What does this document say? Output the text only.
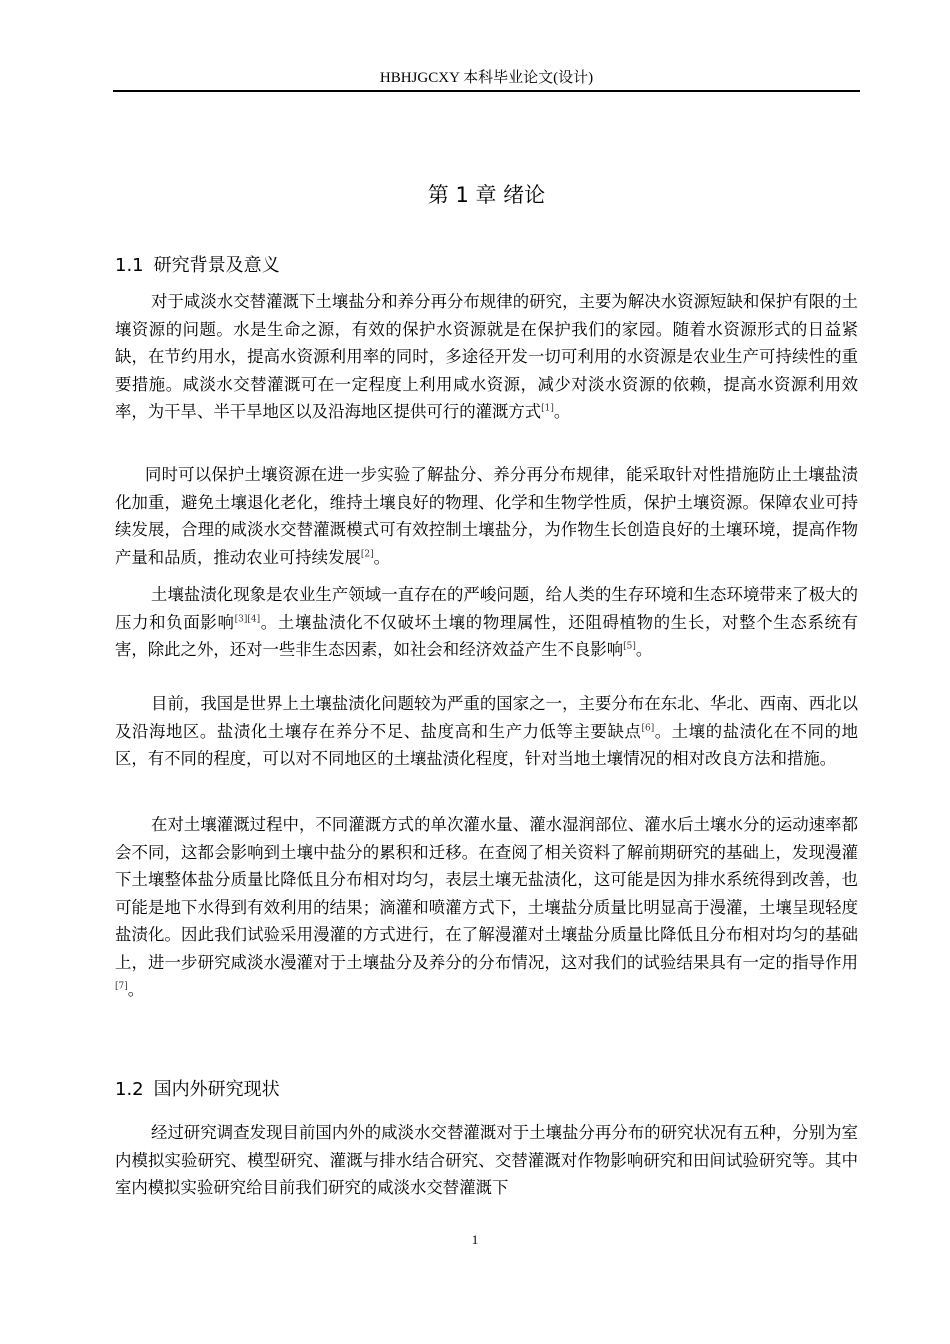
HBHJGCXY 本科毕业论文(设计)
第 1 章 绪论
1.1 研究背景及意义

对于咸淡水交替灌溉下土壤盐分和养分再分布规律的研究，主要为解决水资源短缺和保护有限的土壤资源的问题。水是生命之源，有效的保护水资源就是在保护我们的家园。随着水资源形式的日益紧缺，在节约用水，提高水资源利用率的同时，多途径开发一切可利用的水资源是农业生产可持续性的重要措施。咸淡水交替灌溉可在一定程度上利用咸水资源，减少对淡水资源的依赖，提高水资源利用效率，为干旱、半干旱地区以及沿海地区提供可行的灌溉方式[1]。

同时可以保护土壤资源在进一步实验了解盐分、养分再分布规律，能采取针对性措施防止土壤盐渍化加重，避免土壤退化老化，维持土壤良好的物理、化学和生物学性质，保护土壤资源。保障农业可持续发展，合理的咸淡水交替灌溉模式可有效控制土壤盐分，为作物生长创造良好的土壤环境，提高作物产量和品质，推动农业可持续发展[2]。

土壤盐渍化现象是农业生产领域一直存在的严峻问题，给人类的生存环境和生态环境带来了极大的压力和负面影响[3][4]。土壤盐渍化不仅破坏土壤的物理属性，还阻碍植物的生长，对整个生态系统有害，除此之外，还对一些非生态因素，如社会和经济效益产生不良影响[5]。

目前，我国是世界上土壤盐渍化问题较为严重的国家之一，主要分布在东北、华北、西南、西北以及沿海地区。盐渍化土壤存在养分不足、盐度高和生产力低等主要缺点[6]。土壤的盐渍化在不同的地区，有不同的程度，可以对不同地区的土壤盐渍化程度，针对当地土壤情况的相对改良方法和措施。

在对土壤灌溉过程中，不同灌溉方式的单次灌水量、灌水湿润部位、灌水后土壤水分的运动速率都会不同，这都会影响到土壤中盐分的累积和迁移。在查阅了相关资料了解前期研究的基础上，发现漫灌下土壤整体盐分质量比降低且分布相对均匀，表层土壤无盐渍化，这可能是因为排水系统得到改善，也可能是地下水得到有效利用的结果；滴灌和喷灌方式下，土壤盐分质量比明显高于漫灌，土壤呈现轻度盐渍化。因此我们试验采用漫灌的方式进行，在了解漫灌对土壤盐分质量比降低且分布相对均匀的基础上，进一步研究咸淡水漫灌对于土壤盐分及养分的分布情况，这对我们的试验结果具有一定的指导作用[7]。

1.2 国内外研究现状

经过研究调查发现目前国内外的咸淡水交替灌溉对于土壤盐分再分布的研究状况有五种，分别为室内模拟实验研究、模型研究、灌溉与排水结合研究、交替灌溉对作物影响研究和田间试验研究等。其中室内模拟实验研究给目前我们研究的咸淡水交替灌溉下

1
